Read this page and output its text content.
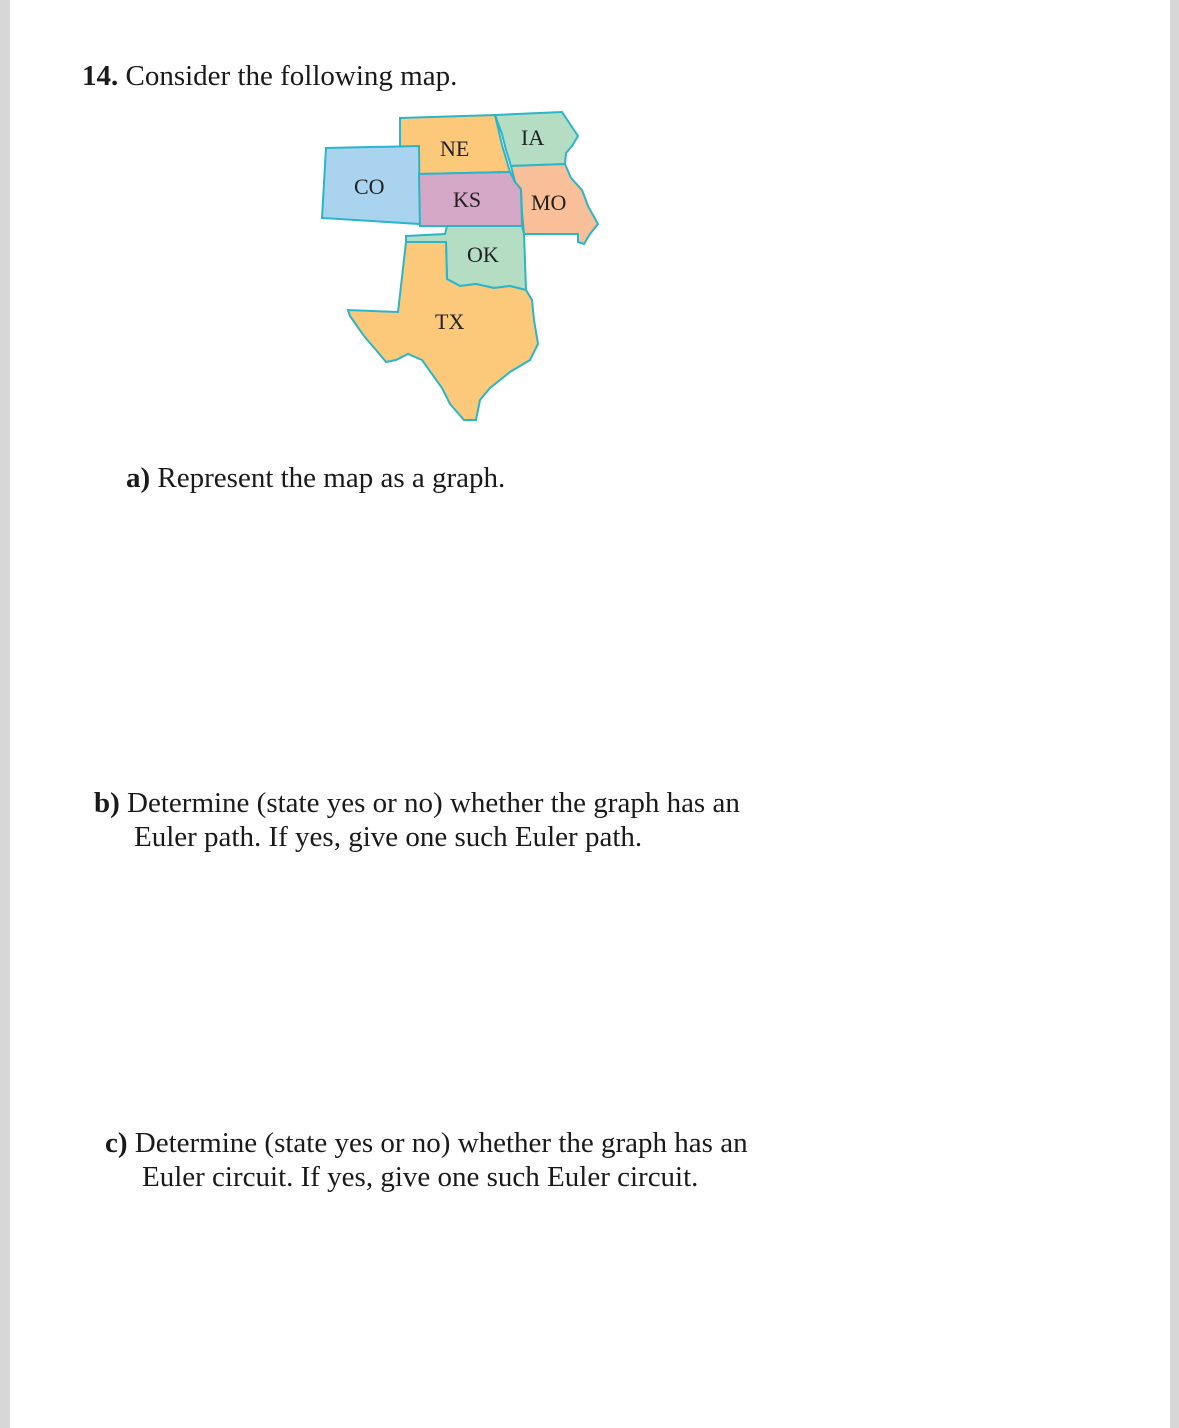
14. Consider the following map.
NE IA
CO
KS MO
OK
TX
a) Represent the map as a graph.
b) Determine (state yes or no) whether the graph has an
Euler path. If yes, give one such Euler path.
c) Determine (state yes or no) whether the graph has an
Euler circuit. If yes, give one such Euler circuit.
